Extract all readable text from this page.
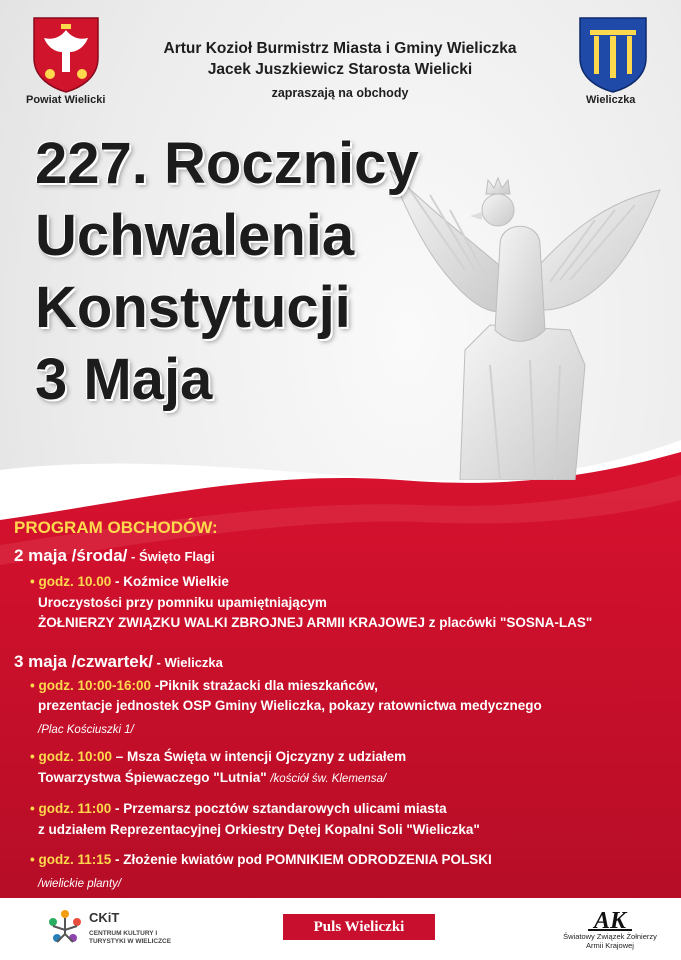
Powiat Wielicki	Wieliczka
Artur Kozioł Burmistrz Miasta i Gminy Wieliczka
Jacek Juszkiewicz Starosta Wielicki
zapraszają na obchody
227. Rocznicy
Uchwalenia
Konstytucji
3 Maja
PROGRAM OBCHODÓW:
2 maja /środa/ - Święto Flagi
• godz. 10.00 - Koźmice Wielkie
Uroczystości przy pomniku upamiętniającym
ŻOŁNIERZY ZWIĄZKU WALKI ZBROJNEJ ARMII KRAJOWEJ z placówki "SOSNA-LAS"
3 maja /czwartek/ - Wieliczka
• godz. 10:00-16:00 -Piknik strażacki dla mieszkańców,
prezentacje jednostek OSP Gminy Wieliczka, pokazy ratownictwa medycznego
/Plac Kościuszki 1/
• godz. 10:00 – Msza Święta w intencji Ojczyzny z udziałem
Towarzystwa Śpiewaczego "Lutnia" /kościół św. Klemensa/
• godz. 11:00 - Przemarsz pocztów sztandarowych ulicami miasta
z udziałem Reprezentacyjnej Orkiestry Dętej Kopalni Soli "Wieliczka"
• godz. 11:15 - Złożenie kwiatów pod POMNIKIEM ODRODZENIA POLSKI
/wielickie planty/
CKiT
CENTRUM KULTURY I TURYSTYKI W WIELICZCE
Puls Wieliczki	AK
Światowy Związek Żołnierzy Armii Krajowej
